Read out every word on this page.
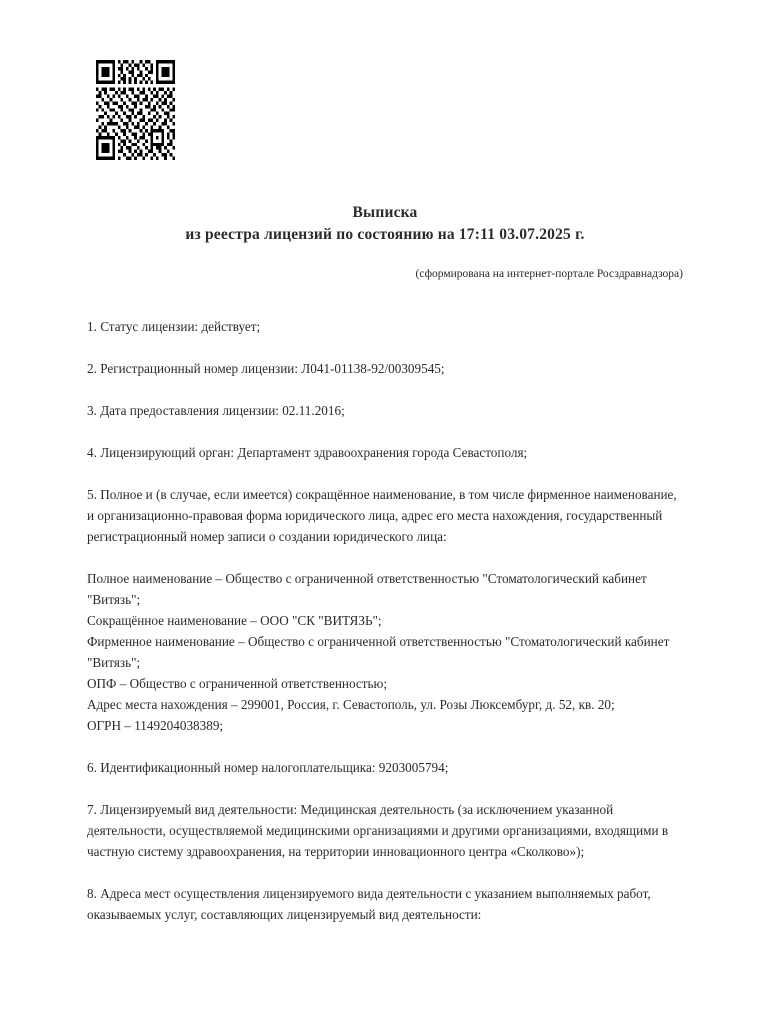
Выписка
из реестра лицензий по состоянию на 17:11 03.07.2025 г.
(сформирована на интернет-портале Росздравнадзора)

1. Статус лицензии: действует;

2. Регистрационный номер лицензии: Л041-01138-92/00309545;

3. Дата предоставления лицензии: 02.11.2016;

4. Лицензирующий орган: Департамент здравоохранения города Севастополя;

5. Полное и (в случае, если имеется) сокращённое наименование, в том числе фирменное наименование, и организационно-правовая форма юридического лица, адрес его места нахождения, государственный регистрационный номер записи о создании юридического лица:

Полное наименование – Общество с ограниченной ответственностью "Стоматологический кабинет "Витязь";
Сокращённое наименование – ООО "СК "ВИТЯЗЬ";
Фирменное наименование – Общество с ограниченной ответственностью "Стоматологический кабинет "Витязь";
ОПФ – Общество с ограниченной ответственностью;
Адрес места нахождения – 299001, Россия, г. Севастополь, ул. Розы Люксембург, д. 52, кв. 20;
ОГРН – 1149204038389;

6. Идентификационный номер налогоплательщика: 9203005794;

7. Лицензируемый вид деятельности: Медицинская деятельность (за исключением указанной деятельности, осуществляемой медицинскими организациями и другими организациями, входящими в частную систему здравоохранения, на территории инновационного центра «Сколково»);

8. Адреса мест осуществления лицензируемого вида деятельности с указанием выполняемых работ, оказываемых услуг, составляющих лицензируемый вид деятельности:
